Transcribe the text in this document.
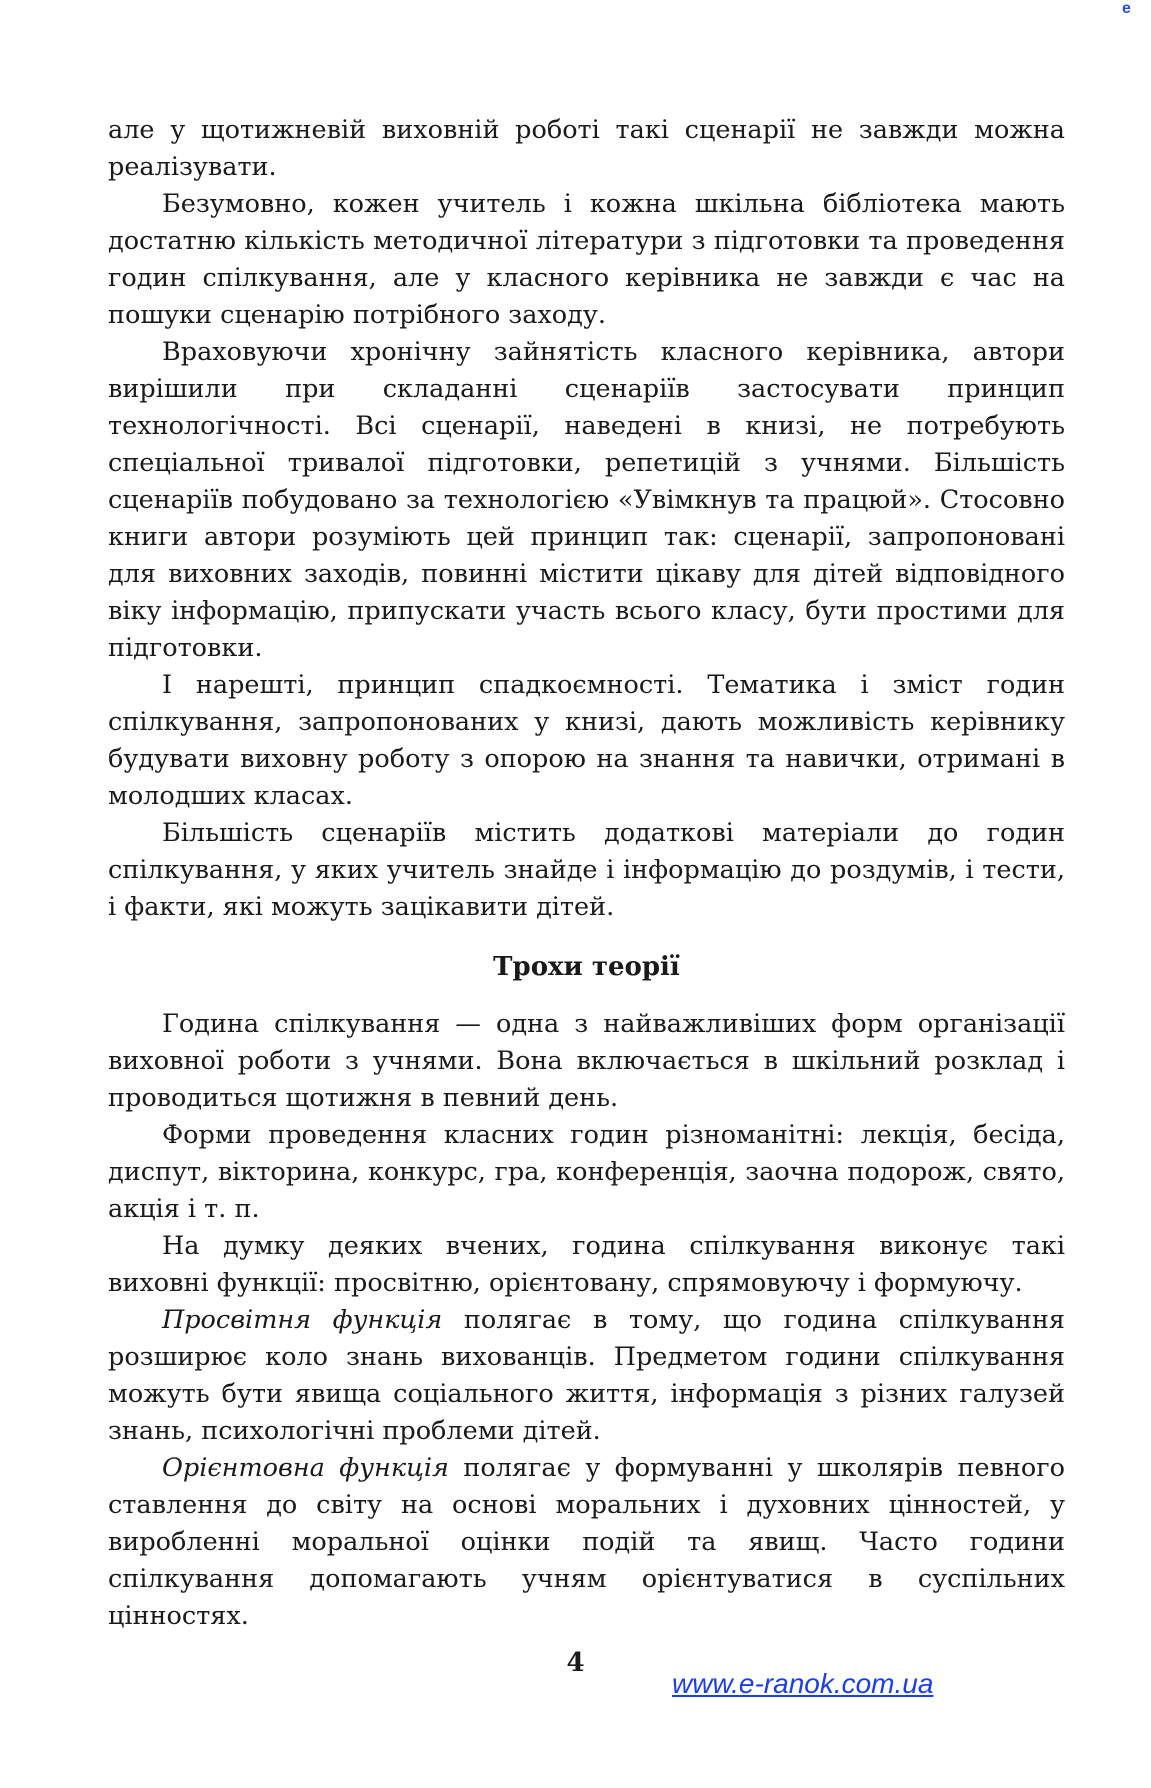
e

але у щотижневій виховній роботі такі сценарії не завжди можна реалізувати.

Безумовно, кожен учитель і кожна шкільна бібліотека мають достатню кількість методичної літератури з підготовки та проведення годин спілкування, але у класного керівника не завжди є час на пошуки сценарію потрібного заходу.

Враховуючи хронічну зайнятість класного керівника, автори вирішили при складанні сценаріїв застосувати принцип технологічності. Всі сценарії, наведені в книзі, не потребують спеціальної тривалої підготовки, репетицій з учнями. Більшість сценаріїв побудовано за технологією «Увімкнув та працюй». Стосовно книги автори розуміють цей принцип так: сценарії, запропоновані для виховних заходів, повинні містити цікаву для дітей відповідного віку інформацію, припускати участь всього класу, бути простими для підготовки.

І нарешті, принцип спадкоємності. Тематика і зміст годин спілкування, запропонованих у книзі, дають можливість керівнику будувати виховну роботу з опорою на знання та навички, отримані в молодших класах.

Більшість сценаріїв містить додаткові матеріали до годин спілкування, у яких учитель знайде і інформацію до роздумів, і тести, і факти, які можуть зацікавити дітей.

Трохи теорії

Година спілкування — одна з найважливіших форм організації виховної роботи з учнями. Вона включається в шкільний розклад і проводиться щотижня в певний день.

Форми проведення класних годин різноманітні: лекція, бесіда, диспут, вікторина, конкурс, гра, конференція, заочна подорож, свято, акція і т. п.

На думку деяких вчених, година спілкування виконує такі виховні функції: просвітню, орієнтовану, спрямовуючу і формуючу.

Просвітня функція полягає в тому, що година спілкування розширює коло знань вихованців. Предметом години спілкування можуть бути явища соціального життя, інформація з різних галузей знань, психологічні проблеми дітей.

Орієнтовна функція полягає у формуванні у школярів певного ставлення до світу на основі моральних і духовних цінностей, у виробленні моральної оцінки подій та явищ. Часто години спілкування допомагають учням орієнтуватися в суспільних цінностях.

4
www.e-ranok.com.ua
